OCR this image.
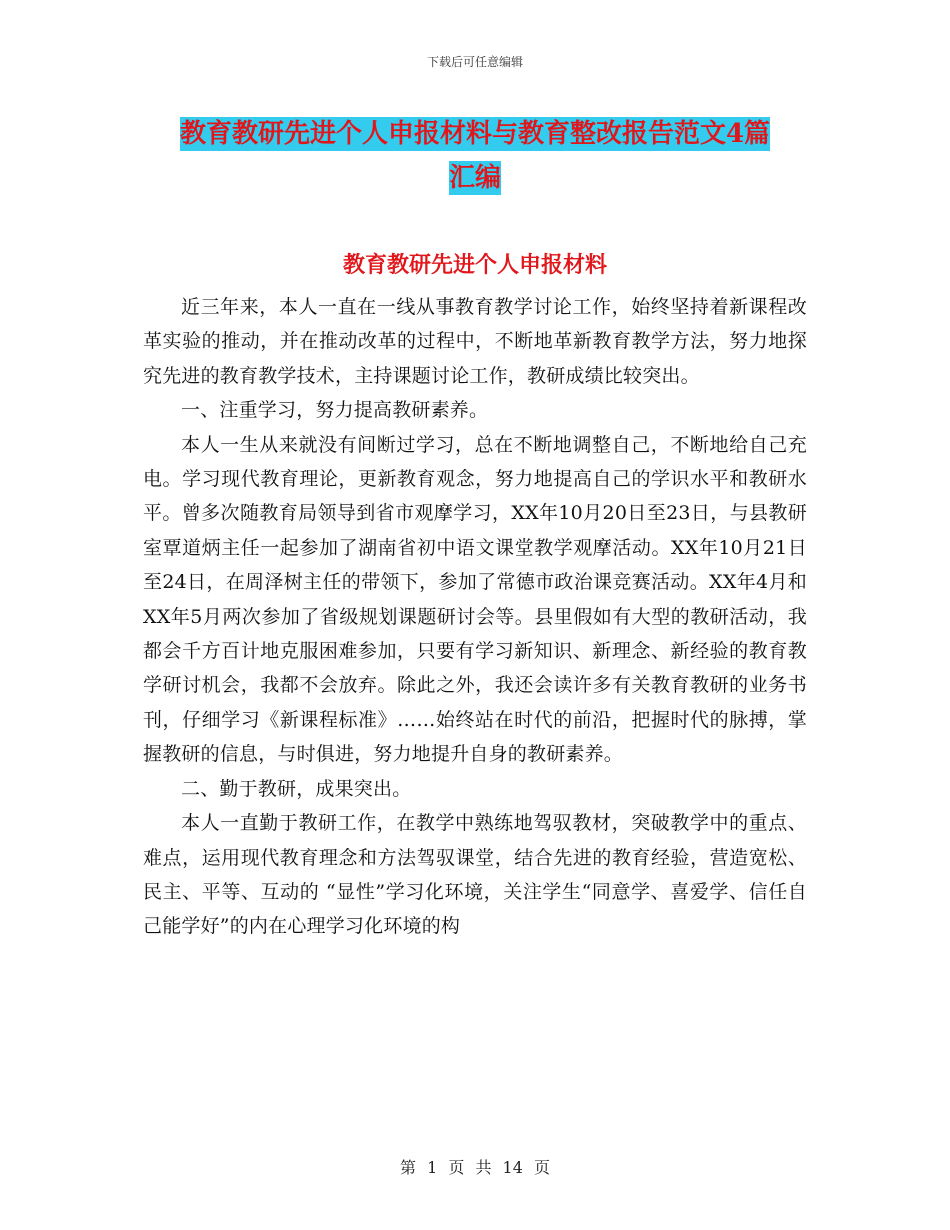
下载后可任意编辑
教育教研先进个人申报材料与教育整改报告范文4篇
汇编
教育教研先进个人申报材料

近三年来，本人一直在一线从事教育教学讨论工作，始终坚持着新课程改革实验的推动，并在推动改革的过程中，不断地革新教育教学方法，努力地探究先进的教育教学技术，主持课题讨论工作，教研成绩比较突出。

一、注重学习，努力提高教研素养。

本人一生从来就没有间断过学习，总在不断地调整自己，不断地给自己充电。学习现代教育理论，更新教育观念，努力地提高自己的学识水平和教研水平。曾多次随教育局领导到省市观摩学习，XX年10月20日至23日，与县教研室覃道炳主任一起参加了湖南省初中语文课堂教学观摩活动。XX年10月21日至24日，在周泽树主任的带领下，参加了常德市政治课竞赛活动。XX年4月和XX年5月两次参加了省级规划课题研讨会等。县里假如有大型的教研活动，我都会千方百计地克服困难参加，只要有学习新知识、新理念、新经验的教育教学研讨机会，我都不会放弃。除此之外，我还会读许多有关教育教研的业务书刊，仔细学习《新课程标准》……始终站在时代的前沿，把握时代的脉搏，掌握教研的信息，与时俱进，努力地提升自身的教研素养。

二、勤于教研，成果突出。

本人一直勤于教研工作，在教学中熟练地驾驭教材，突破教学中的重点、难点，运用现代教育理念和方法驾驭课堂，结合先进的教育经验，营造宽松、民主、平等、互动的 “显性”学习化环境，关注学生“同意学、喜爱学、信任自己能学好”的内在心理学习化环境的构

第 1 页 共 14 页
